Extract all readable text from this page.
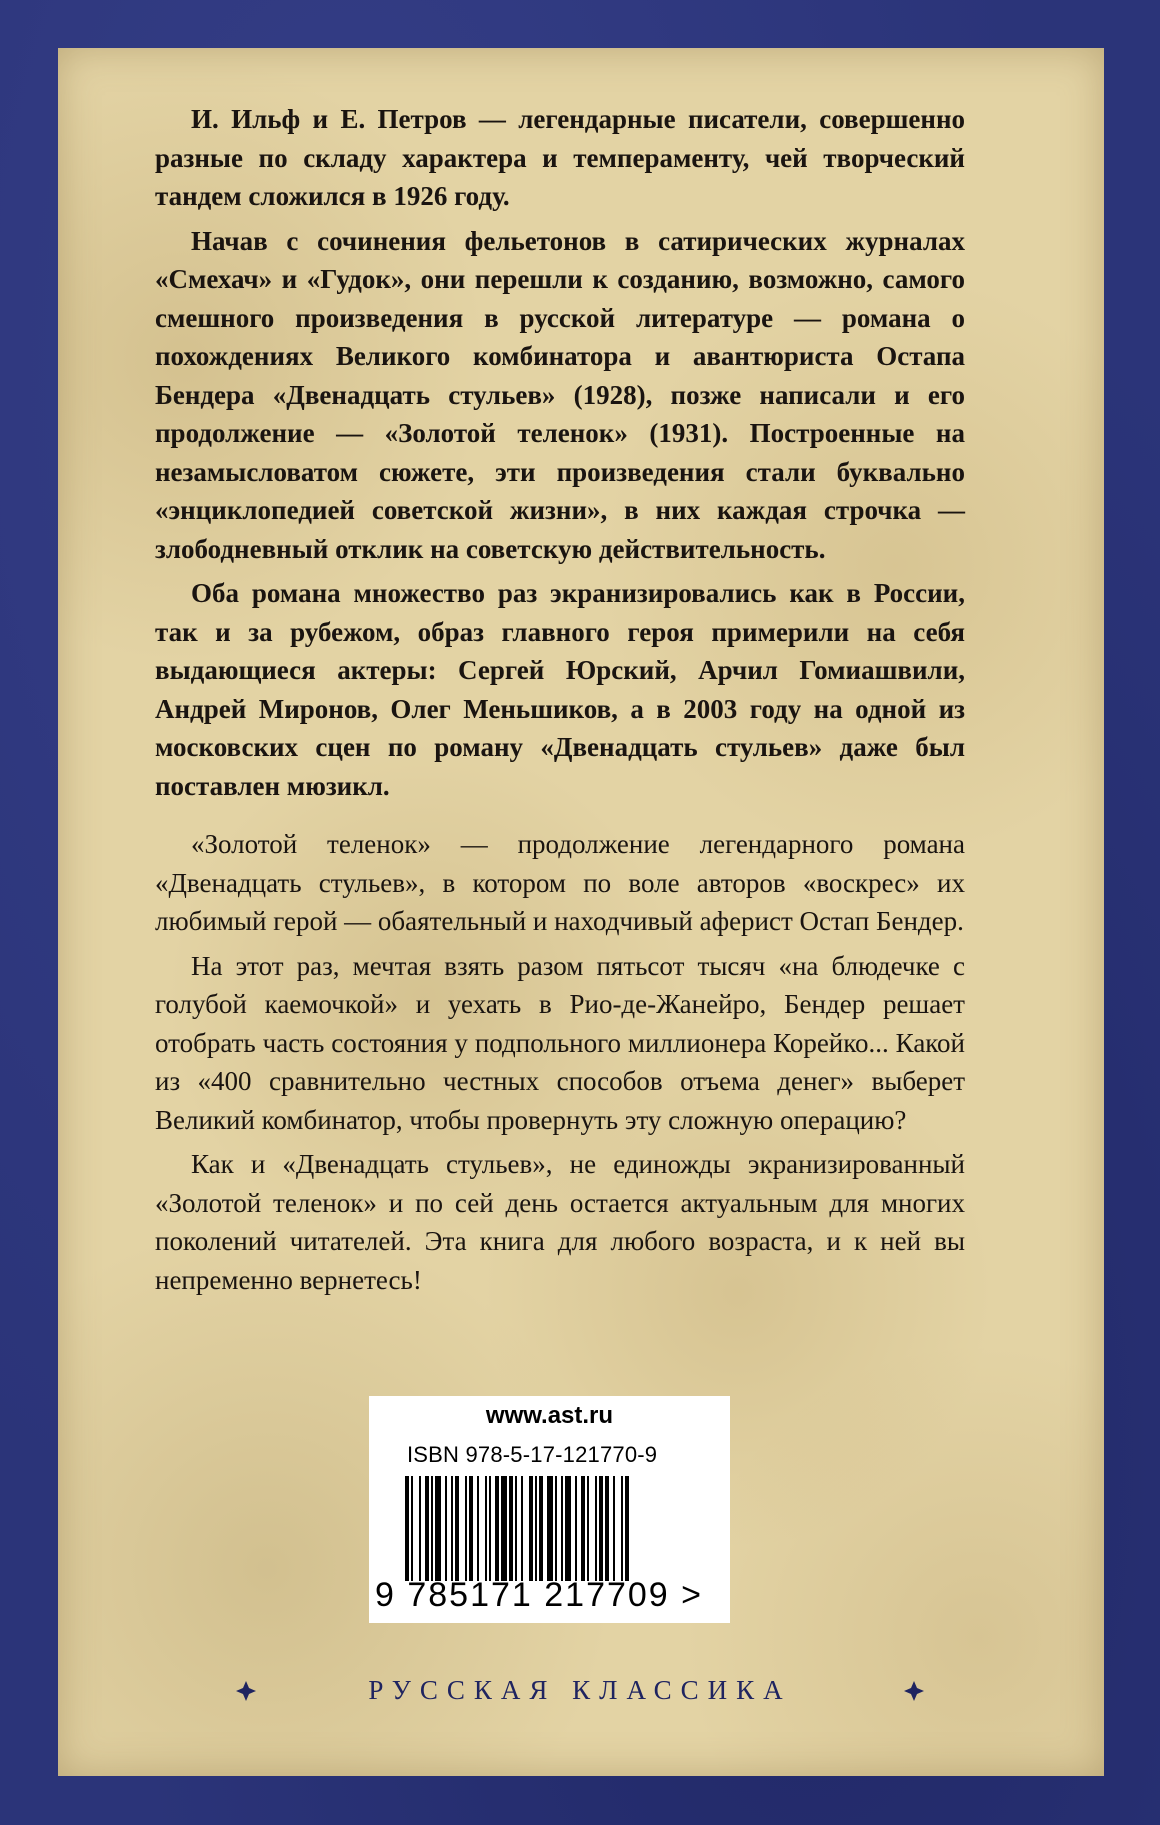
И. Ильф и Е. Петров — легендарные писатели, совершенно разные по складу характера и темпераменту, чей творческий тандем сложился в 1926 году.

Начав с сочинения фельетонов в сатирических журналах «Смехач» и «Гудок», они перешли к созданию, возможно, самого смешного произведения в русской литературе — романа о похождениях Великого комбинатора и авантюриста Остапа Бендера «Двенадцать стульев» (1928), позже написали и его продолжение — «Золотой теленок» (1931). Построенные на незамысловатом сюжете, эти произведения стали буквально «энциклопедией советской жизни», в них каждая строчка — злободневный отклик на советскую действительность.

Оба романа множество раз экранизировались как в России, так и за рубежом, образ главного героя примерили на себя выдающиеся актеры: Сергей Юрский, Арчил Гомиашвили, Андрей Миронов, Олег Меньшиков, а в 2003 году на одной из московских сцен по роману «Двенадцать стульев» даже был поставлен мюзикл.

«Золотой теленок» — продолжение легендарного романа «Двенадцать стульев», в котором по воле авторов «воскрес» их любимый герой — обаятельный и находчивый аферист Остап Бендер.

На этот раз, мечтая взять разом пятьсот тысяч «на блюдечке с голубой каемочкой» и уехать в Рио-де-Жанейро, Бендер решает отобрать часть состояния у подпольного миллионера Корейко... Какой из «400 сравнительно честных способов отъема денег» выберет Великий комбинатор, чтобы провернуть эту сложную операцию?

Как и «Двенадцать стульев», не единожды экранизированный «Золотой теленок» и по сей день остается актуальным для многих поколений читателей. Эта книга для любого возраста, и к ней вы непременно вернетесь!

www.ast.ru
ISBN 978-5-17-121770-9
9 785171 217709 >
РУССКАЯ КЛАССИКА
